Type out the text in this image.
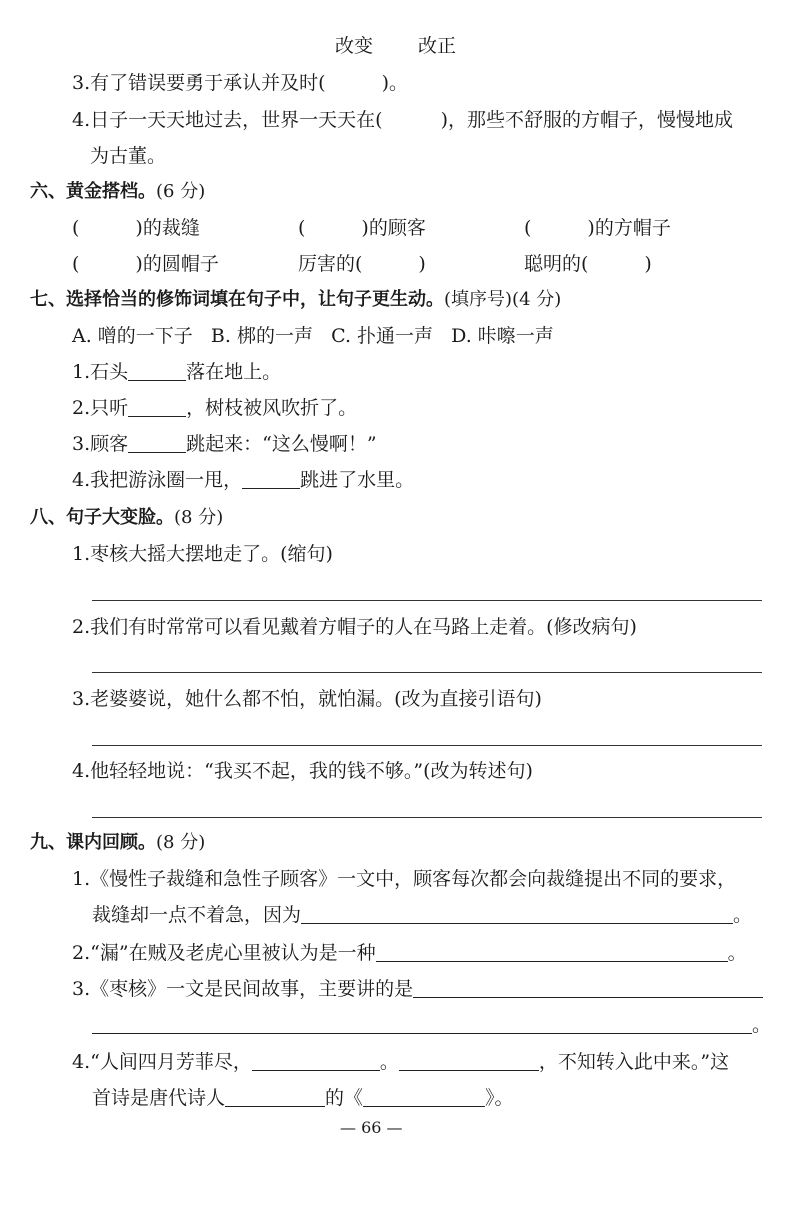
改变 改正
3.有了错误要勇于承认并及时(	)。
4.日子一天天地过去，世界一天天在(	)，那些不舒服的方帽子，慢慢地成
为古董。
六、黄金搭档。(6 分)
(	)的裁缝	(	)的顾客	(	)的方帽子
(	)的圆帽子	厉害的(	)	聪明的(	)
七、选择恰当的修饰词填在句子中，让句子更生动。(填序号)(4 分)
A. 噌的一下子   B. 梆的一声   C. 扑通一声   D. 咔嚓一声
1.石头	落在地上。
2.只听	，树枝被风吹折了。
3.顾客	跳起来：“这么慢啊！”
4.我把游泳圈一甩，	跳进了水里。
八、句子大变脸。(8 分)
1.枣核大摇大摆地走了。(缩句)
2.我们有时常常可以看见戴着方帽子的人在马路上走着。(修改病句)
3.老婆婆说，她什么都不怕，就怕漏。(改为直接引语句)
4.他轻轻地说：“我买不起，我的钱不够。”(改为转述句)
九、课内回顾。(8 分)
1.《慢性子裁缝和急性子顾客》一文中，顾客每次都会向裁缝提出不同的要求，
裁缝却一点不着急，因为	。
2.“漏”在贼及老虎心里被认为是一种	。
3.《枣核》一文是民间故事，主要讲的是
。
4.“人间四月芳菲尽，	。	，不知转入此中来。”这
首诗是唐代诗人	的《	》。
— 66 —
